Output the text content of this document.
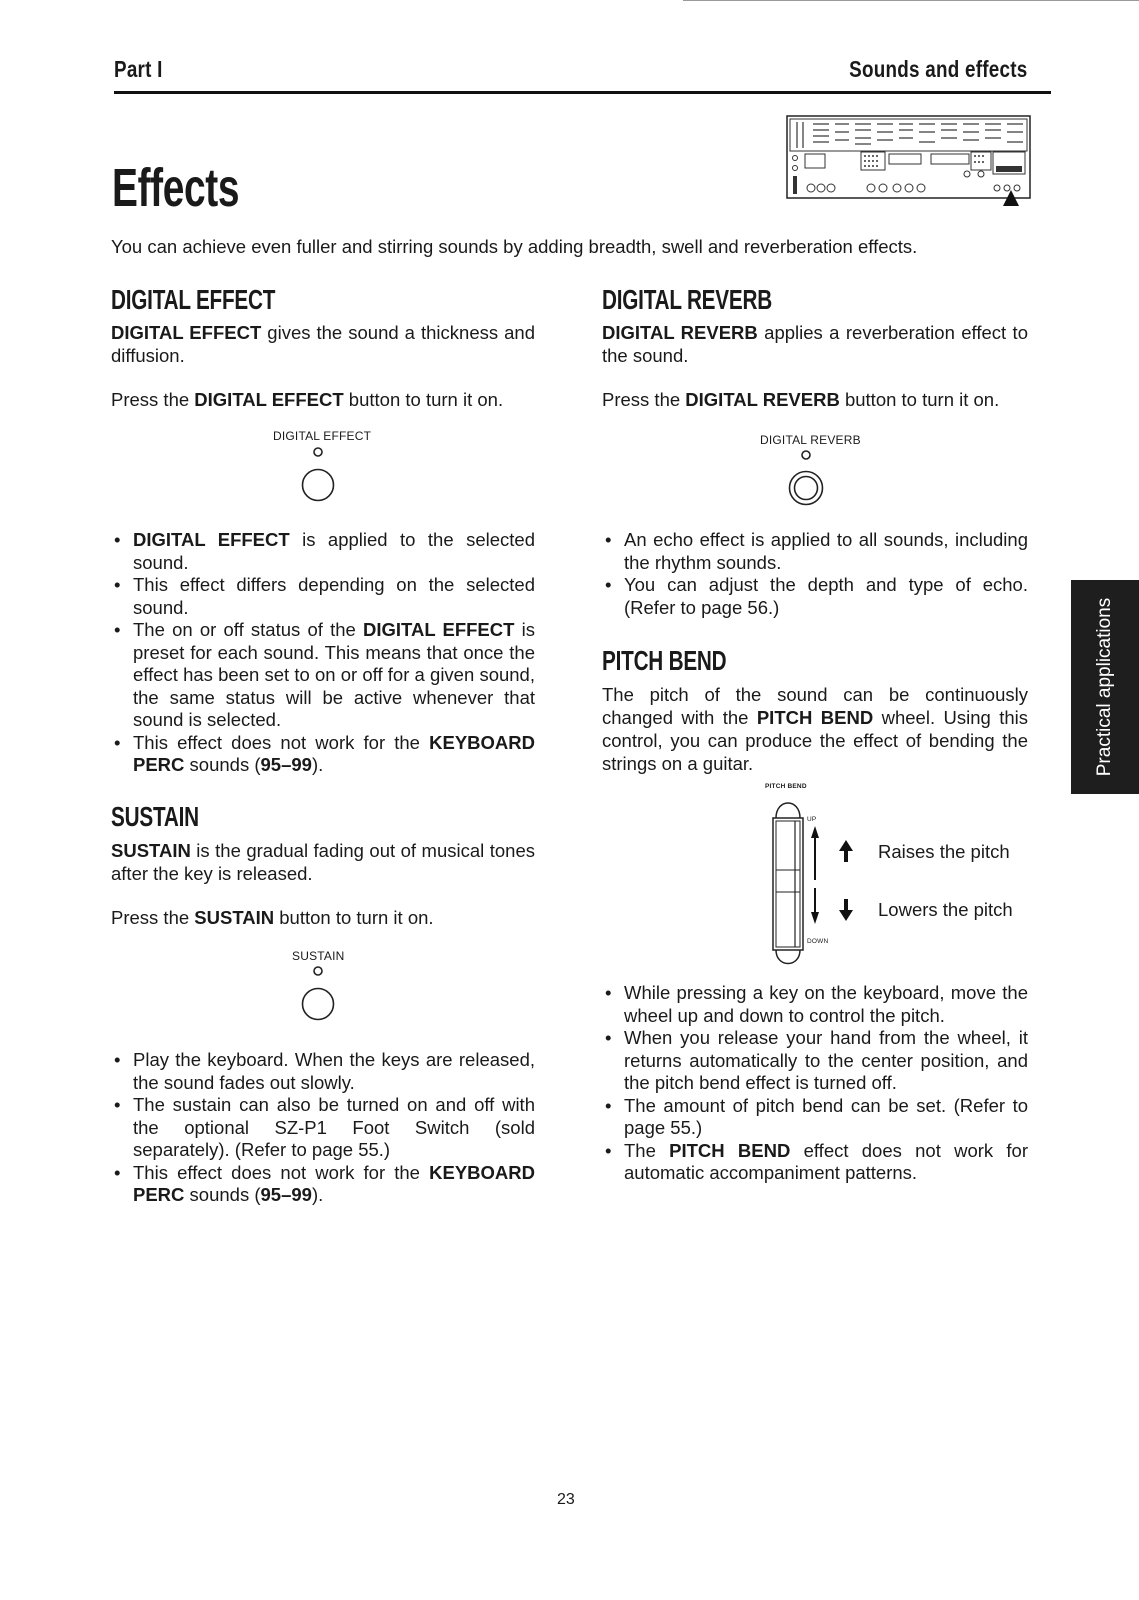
Part I	Sounds and effects
Effects
You can achieve even fuller and stirring sounds by adding breadth, swell and reverberation effects.
DIGITAL EFFECT
DIGITAL EFFECT gives the sound a thickness and diffusion.
Press the DIGITAL EFFECT button to turn it on.
DIGITAL EFFECT
• DIGITAL EFFECT is applied to the selected sound.
• This effect differs depending on the selected sound.
• The on or off status of the DIGITAL EFFECT is preset for each sound. This means that once the effect has been set to on or off for a given sound, the same status will be active whenever that sound is selected.
• This effect does not work for the KEYBOARD PERC sounds (95–99).
SUSTAIN
SUSTAIN is the gradual fading out of musical tones after the key is released.
Press the SUSTAIN button to turn it on.
SUSTAIN
• Play the keyboard. When the keys are released, the sound fades out slowly.
• The sustain can also be turned on and off with the optional SZ-P1 Foot Switch (sold separately). (Refer to page 55.)
• This effect does not work for the KEYBOARD PERC sounds (95–99).
DIGITAL REVERB
DIGITAL REVERB applies a reverberation effect to the sound.
Press the DIGITAL REVERB button to turn it on.
DIGITAL REVERB
• An echo effect is applied to all sounds, including the rhythm sounds.
• You can adjust the depth and type of echo. (Refer to page 56.)
PITCH BEND
The pitch of the sound can be continuously changed with the PITCH BEND wheel. Using this control, you can produce the effect of bending the strings on a guitar.
PITCH BEND
UP
DOWN
Raises the pitch
Lowers the pitch
• While pressing a key on the keyboard, move the wheel up and down to control the pitch.
• When you release your hand from the wheel, it returns automatically to the center position, and the pitch bend effect is turned off.
• The amount of pitch bend can be set. (Refer to page 55.)
• The PITCH BEND effect does not work for automatic accompaniment patterns.
Practical applications
23
